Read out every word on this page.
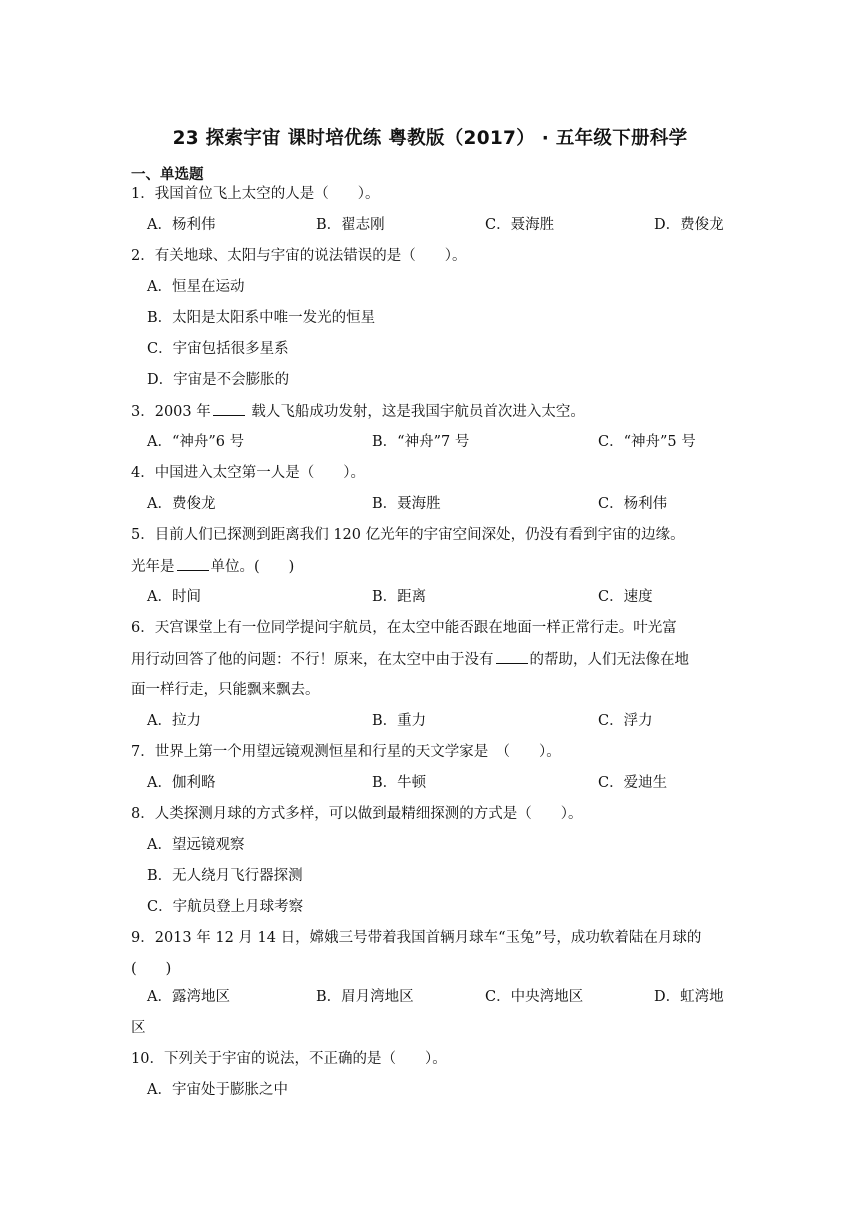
23 探索宇宙 课时培优练 粤教版（2017） · 五年级下册科学
一、单选题
1．我国首位飞上太空的人是（　　）。
A．杨利伟	B．翟志刚	C．聂海胜	D．费俊龙
2．有关地球、太阳与宇宙的说法错误的是（　　）。
A．恒星在运动
B．太阳是太阳系中唯一发光的恒星
C．宇宙包括很多星系
D．宇宙是不会膨胀的
3．2003 年 载人飞船成功发射，这是我国宇航员首次进入太空。
A．“神舟”6 号	B．“神舟”7 号	C．“神舟”5 号
4．中国进入太空第一人是（　　）。
A．费俊龙	B．聂海胜	C．杨利伟
5．目前人们已探测到距离我们 120 亿光年的宇宙空间深处，仍没有看到宇宙的边缘。
光年是 单位。(　　)
A．时间	B．距离	C．速度
6．天宫课堂上有一位同学提问宇航员，在太空中能否跟在地面一样正常行走。叶光富
用行动回答了他的问题：不行！原来，在太空中由于没有 的帮助，人们无法像在地
面一样行走，只能飘来飘去。
A．拉力	B．重力	C．浮力
7．世界上第一个用望远镜观测恒星和行星的天文学家是　（　　）。
A．伽利略	B．牛顿	C．爱迪生
8．人类探测月球的方式多样，可以做到最精细探测的方式是（　　）。
A．望远镜观察
B．无人绕月飞行器探测
C．宇航员登上月球考察
9．2013 年 12 月 14 日，嫦娥三号带着我国首辆月球车“玉兔”号，成功软着陆在月球的
(　　)
A．露湾地区	B．眉月湾地区	C．中央湾地区	D．虹湾地
区
10．下列关于宇宙的说法，不正确的是（　　）。
A．宇宙处于膨胀之中
